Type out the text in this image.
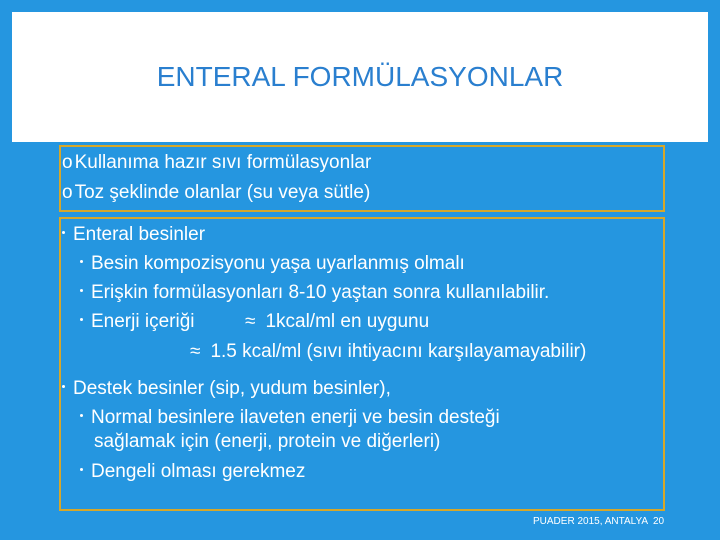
ENTERAL FORMÜLASYONLAR
o Kullanıma hazır sıvı formülasyonlar
o Toz şeklinde olanlar (su veya sütle)
Enteral besinler
Besin kompozisyonu yaşa uyarlanmış olmalı
Erişkin formülasyonları 8-10 yaştan sonra kullanılabilir.
Enerji içeriği	≈ 1kcal/ml en uygunu
≈ 1.5 kcal/ml (sıvı ihtiyacını karşılayamayabilir)
Destek besinler (sip, yudum besinler),
Normal besinlere ilaveten enerji ve besin desteği
sağlamak için (enerji, protein ve diğerleri)
Dengeli olması gerekmez
PUADER 2015, ANTALYA 20
